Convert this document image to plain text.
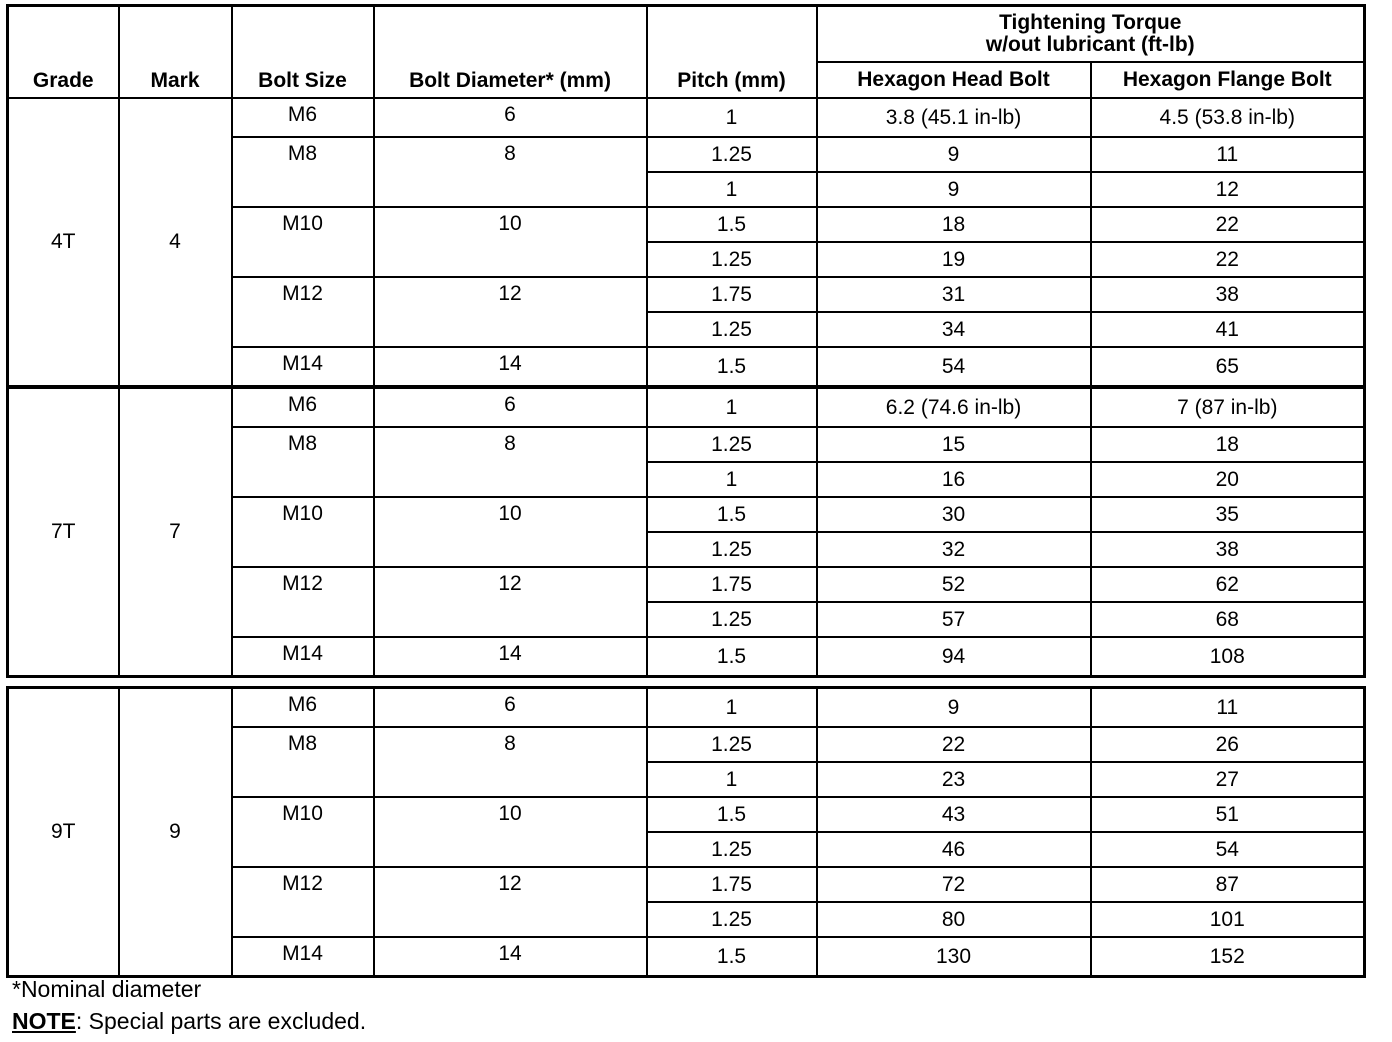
Grade	Mark	Bolt Size	Bolt Diameter* (mm)	Pitch (mm)	Tightening Torque
w/out lubricant (ft-lb)	

					Hexagon Head Bolt	Hexagon Flange Bolt
4T	4	M6	6	1	3.8 (45.1 in-lb)	4.5 (53.8 in-lb)
		M8	8	1.25	9	11
				1	9	12
		M10	10	1.5	18	22
				1.25	19	22
		M12	12	1.75	31	38
				1.25	34	41
		M14	14	1.5	54	65
7T	7	M6	6	1	6.2 (74.6 in-lb)	7 (87 in-lb)
		M8	8	1.25	15	18
				1	16	20
		M10	10	1.5	30	35
				1.25	32	38
		M12	12	1.75	52	62
				1.25	57	68
		M14	14	1.5	94	108
9T	9	M6	6	1	9	11
		M8	8	1.25	22	26
				1	23	27
		M10	10	1.5	43	51
				1.25	46	54
		M12	12	1.75	72	87
				1.25	80	101
		M14	14	1.5	130	152
*Nominal diameter
NOTE: Special parts are excluded.
